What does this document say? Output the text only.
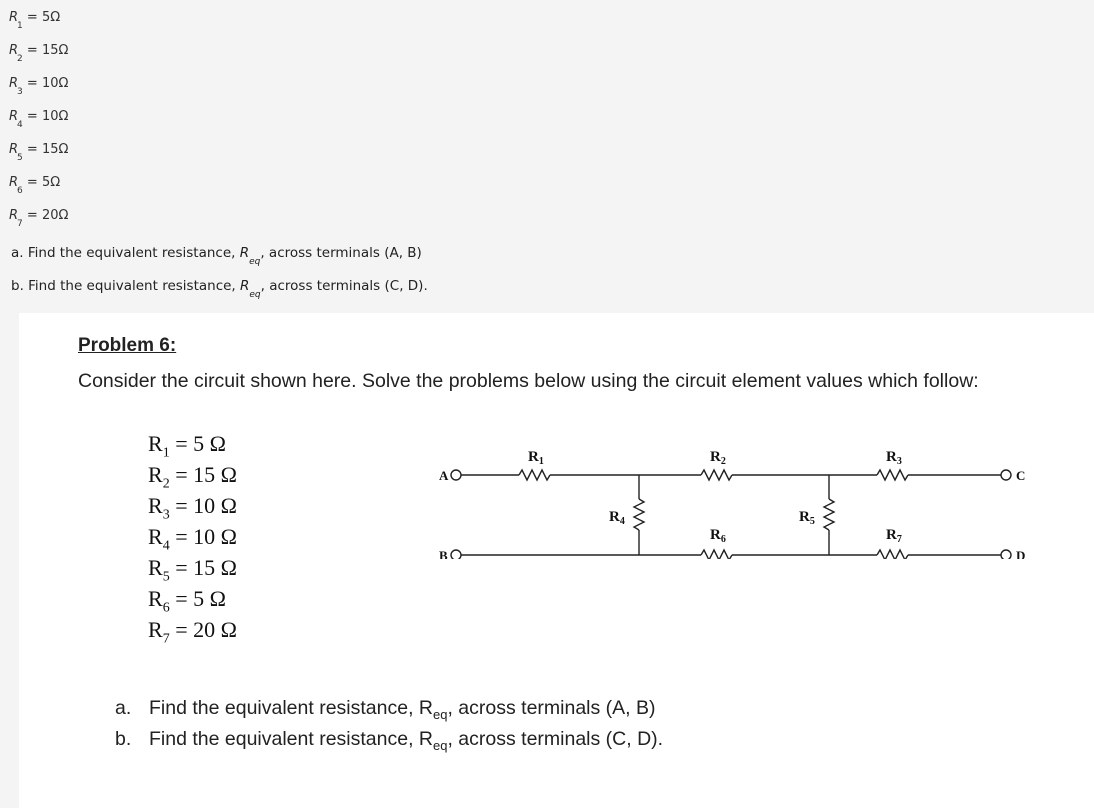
$R_1 = 5\Omega$
$R_2 = 15\Omega$
$R_3 = 10\Omega$
$R_4 = 10\Omega$
$R_5 = 15\Omega$
$R_6 = 5\Omega$
$R_7 = 20\Omega$
a. Find the equivalent resistance, $R_{eq}$, across terminals (A, B)
b. Find the equivalent resistance, $R_{eq}$, across terminals (C, D).
Problem 6:
Consider the circuit shown here. Solve the problems below using the circuit element values which follow:
$R_1 = 5$ Ω
$R_2 = 15$ Ω
$R_3 = 10$ Ω
$R_4 = 10$ Ω
$R_5 = 15$ Ω
$R_6 = 5$ Ω
$R_7 = 20$ Ω
A
B
C
D
$R_1$	$R_2$	$R_3$
$R_4$	$R_5$
$R_6$	$R_7$
a. Find the equivalent resistance, $R_{eq}$, across terminals (A, B)
b. Find the equivalent resistance, $R_{eq}$, across terminals (C, D).
